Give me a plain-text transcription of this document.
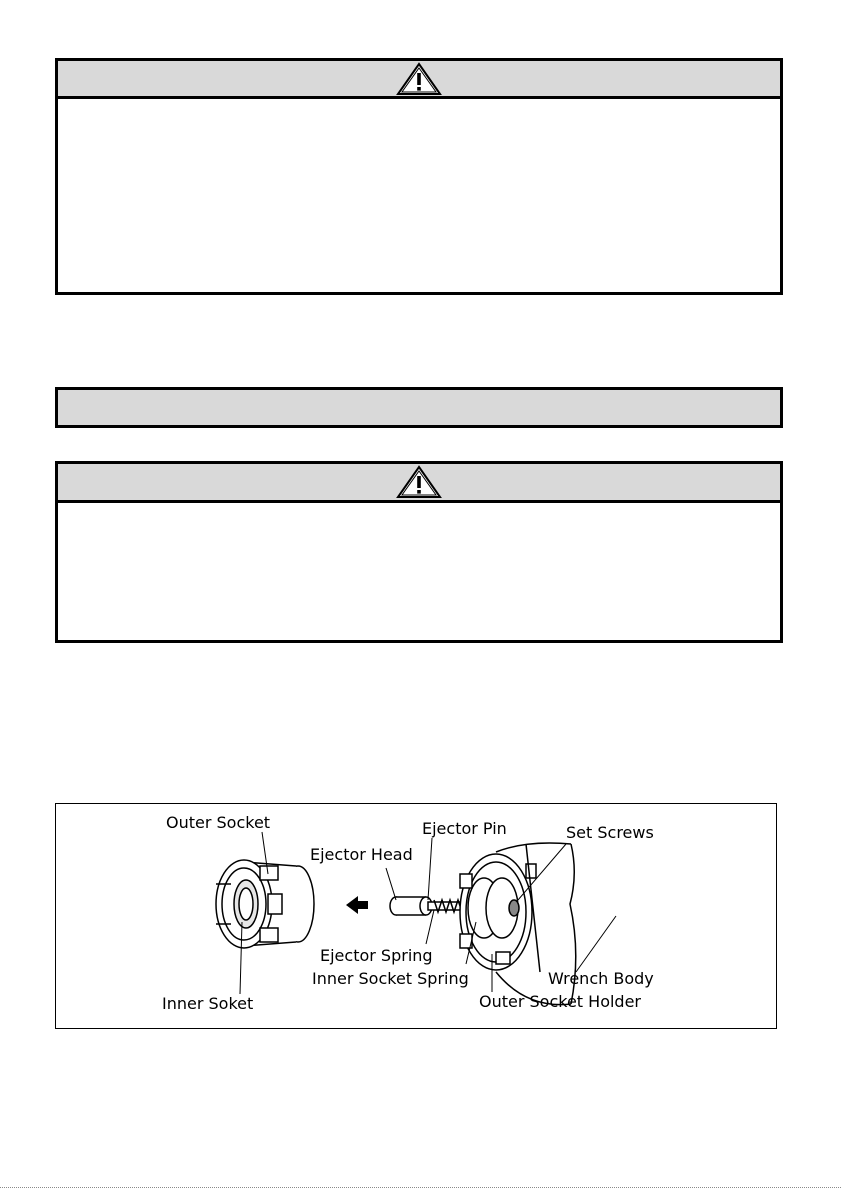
Outer Socket
Inner Soket
Ejector Pin
Ejector Head
Ejector Spring
Inner Socket Spring
Set Screws
Wrench Body
Outer Socket Holder
